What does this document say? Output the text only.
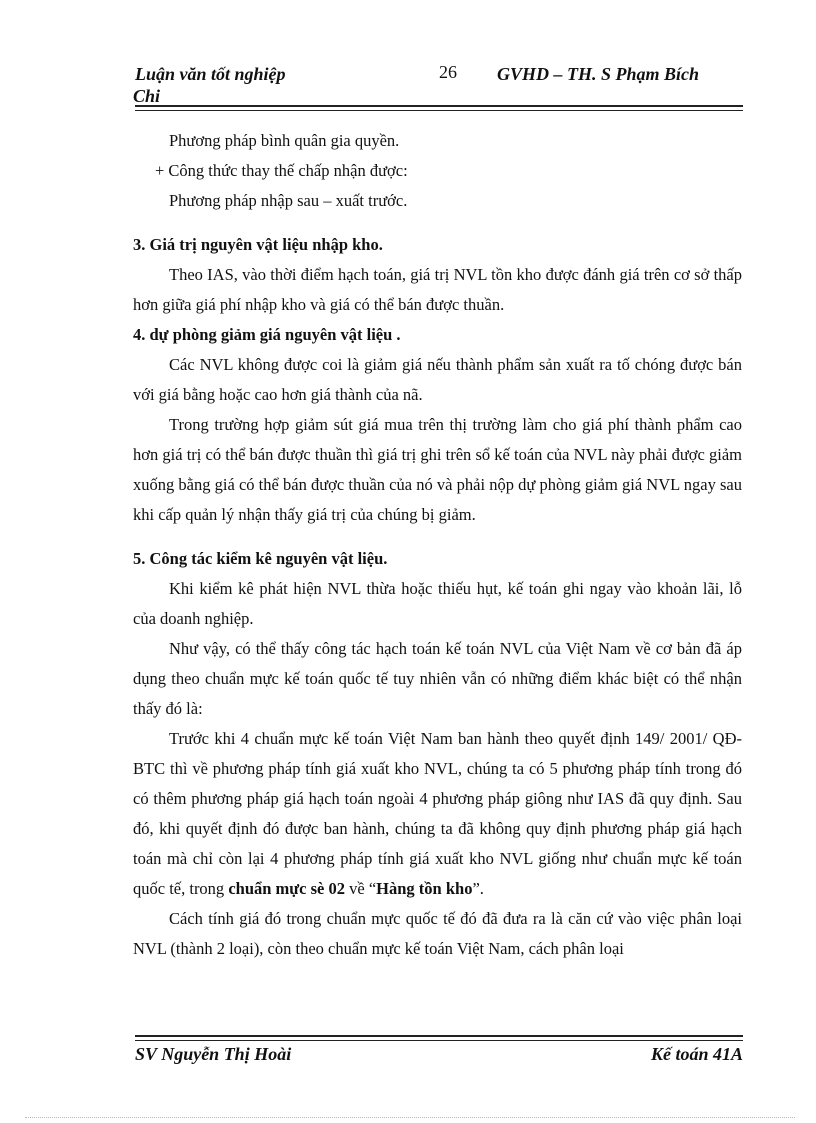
Luận văn tốt nghiệp
Chi
26 GVHD – TH. S Phạm Bích

Phương pháp bình quân gia quyền.

+ Công thức thay thế chấp nhận được:

Phương pháp nhập sau – xuất trước.

3. Giá trị nguyên vật liệu nhập kho.

Theo IAS, vào thời điểm hạch toán, giá trị NVL tồn kho được đánh giá trên cơ sở thấp hơn giữa giá phí nhập kho và giá có thể bán được thuần.

4. dự phòng giảm giá nguyên vật liệu .

Các NVL không được coi là giảm giá nếu thành phẩm sản xuất ra tố chóng được bán với giá bằng hoặc cao hơn giá thành của nã.

Trong trường hợp giảm sút giá mua trên thị trường làm cho giá phí thành phẩm cao hơn giá trị có thể bán được thuần thì giá trị ghi trên sổ kế toán của NVL này phải được giảm xuống bằng giá có thể bán được thuần của nó và phải nộp dự phòng giảm giá NVL ngay sau khi cấp quản lý nhận thấy giá trị của chúng bị giảm.

5. Công tác kiểm kê nguyên vật liệu.

Khi kiểm kê phát hiện NVL thừa hoặc thiếu hụt, kế toán ghi ngay vào khoản lãi, lỗ của doanh nghiệp.

Như vậy, có thể thấy công tác hạch toán kế toán NVL của Việt Nam về cơ bản đã áp dụng theo chuẩn mực kế toán quốc tế tuy nhiên vẫn có những điểm khác biệt có thể nhận thấy đó là:

Trước khi 4 chuẩn mực kế toán Việt Nam ban hành theo quyết định 149/ 2001/ QĐ-BTC thì về phương pháp tính giá xuất kho NVL, chúng ta có 5 phương pháp tính trong đó có thêm phương pháp giá hạch toán ngoài 4 phương pháp giông như IAS đã quy định. Sau đó, khi quyết định đó được ban hành, chúng ta đã không quy định phương pháp giá hạch toán mà chỉ còn lại 4 phương pháp tính giá xuất kho NVL giống như chuẩn mực kế toán quốc tế, trong chuẩn mực sè 02 về “Hàng tồn kho”.

Cách tính giá đó trong chuẩn mực quốc tế đó đã đưa ra là căn cứ vào việc phân loại NVL (thành 2 loại), còn theo chuẩn mực kế toán Việt Nam, cách phân loại

SV Nguyễn Thị Hoài	Kế toán 41A
